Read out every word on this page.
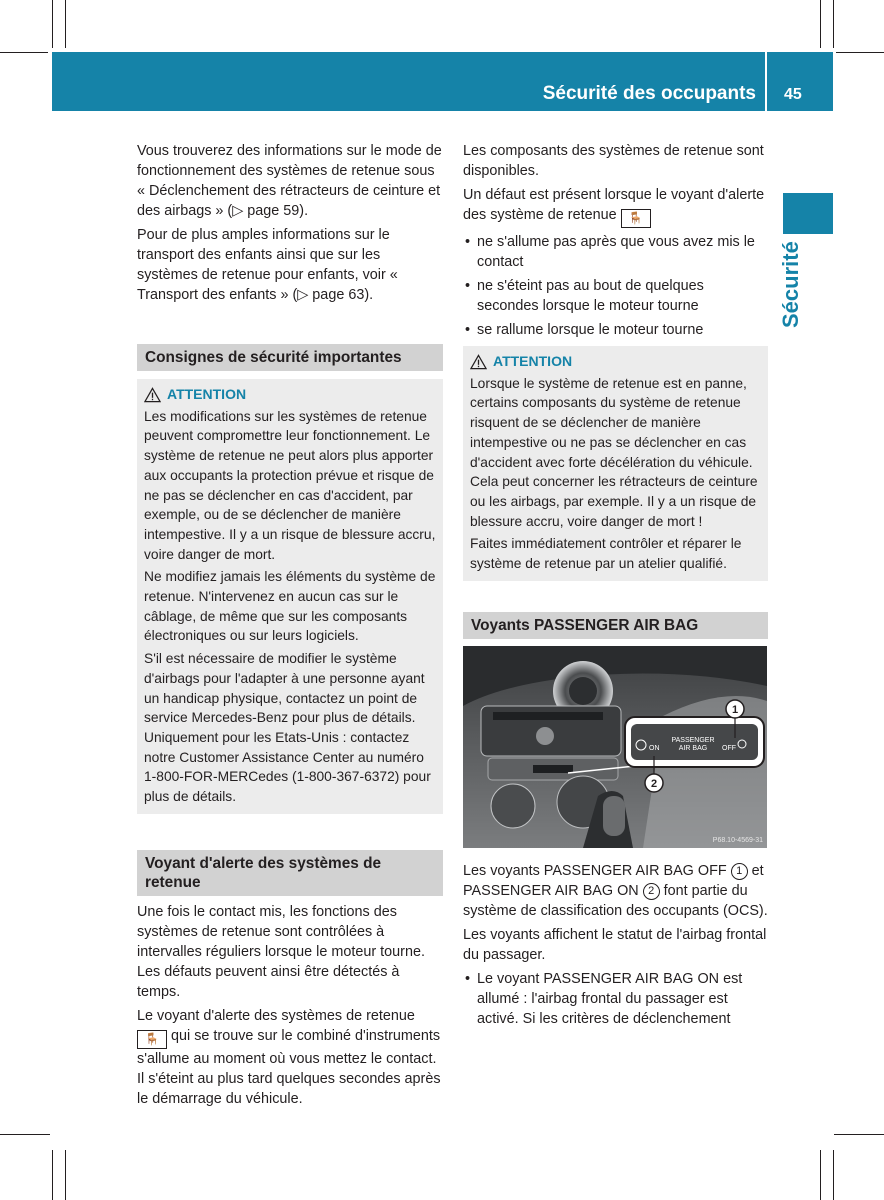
Sécurité des occupants 45
Sécurité

Vous trouverez des informations sur le mode de fonctionnement des systèmes de retenue sous « Déclenchement des rétracteurs de ceinture et des airbags » (▷ page 59).

Pour de plus amples informations sur le transport des enfants ainsi que sur les systèmes de retenue pour enfants, voir « Transport des enfants » (▷ page 63).

Consignes de sécurité importantes
ATTENTION

Les modifications sur les systèmes de retenue peuvent compromettre leur fonctionnement. Le système de retenue ne peut alors plus apporter aux occupants la protection prévue et risque de ne pas se déclencher en cas d'accident, par exemple, ou de se déclencher de manière intempestive. Il y a un risque de blessure accru, voire danger de mort.

Ne modifiez jamais les éléments du système de retenue. N'intervenez en aucun cas sur le câblage, de même que sur les composants électroniques ou sur leurs logiciels.

S'il est nécessaire de modifier le système d'airbags pour l'adapter à une personne ayant un handicap physique, contactez un point de service Mercedes-Benz pour plus de détails. Uniquement pour les Etats-Unis : contactez notre Customer Assistance Center au numéro 1-800-FOR-MERCedes (1-800-367-6372) pour plus de détails.

Voyant d'alerte des systèmes de retenue

Une fois le contact mis, les fonctions des systèmes de retenue sont contrôlées à intervalles réguliers lorsque le moteur tourne. Les défauts peuvent ainsi être détectés à temps.

Le voyant d'alerte des systèmes de retenue 🪑 qui se trouve sur le combiné d'instruments s'allume au moment où vous mettez le contact. Il s'éteint au plus tard quelques secondes après le démarrage du véhicule.

Les composants des systèmes de retenue sont disponibles.

Un défaut est présent lorsque le voyant d'alerte des système de retenue 🪑

• ne s'allume pas après que vous avez mis le contact
• ne s'éteint pas au bout de quelques secondes lorsque le moteur tourne
• se rallume lorsque le moteur tourne
ATTENTION

Lorsque le système de retenue est en panne, certains composants du système de retenue risquent de se déclencher de manière intempestive ou ne pas se déclencher en cas d'accident avec forte décélération du véhicule. Cela peut concerner les rétracteurs de ceinture ou les airbags, par exemple. Il y a un risque de blessure accru, voire danger de mort !

Faites immédiatement contrôler et réparer le système de retenue par un atelier qualifié.

Voyants PASSENGER AIR BAG
PASSENGER
AIR BAG
ON	OFF
1
2
P68.10-4569-31

Les voyants PASSENGER AIR BAG OFF 1 et PASSENGER AIR BAG ON 2 font partie du système de classification des occupants (OCS).

Les voyants affichent le statut de l'airbag frontal du passager.

• Le voyant PASSENGER AIR BAG ON est allumé : l'airbag frontal du passager est activé. Si les critères de déclenchement
